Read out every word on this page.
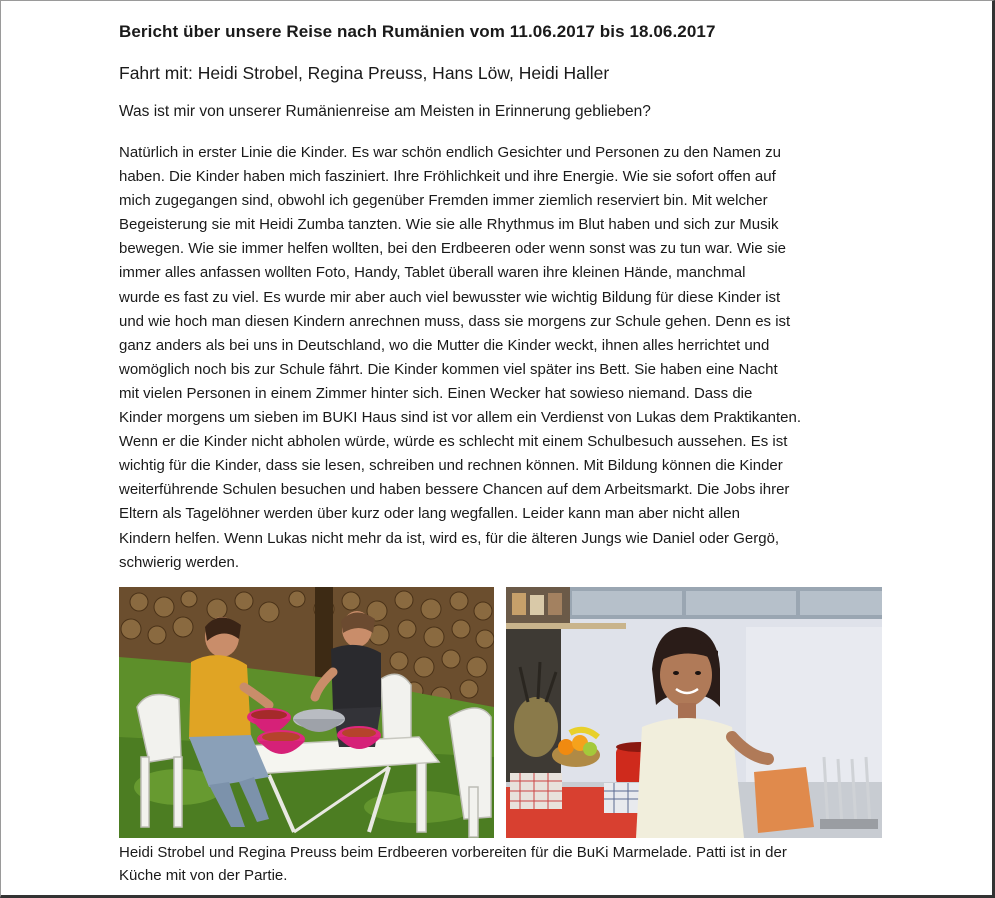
Bericht über unsere Reise nach Rumänien vom 11.06.2017 bis 18.06.2017
Fahrt mit: Heidi Strobel, Regina Preuss, Hans Löw, Heidi Haller
Was ist mir von unserer Rumänienreise am Meisten in Erinnerung geblieben?
Natürlich in erster Linie die Kinder. Es war schön endlich Gesichter und Personen zu den Namen zu
haben. Die Kinder haben mich fasziniert. Ihre Fröhlichkeit und ihre Energie. Wie sie sofort offen auf
mich zugegangen sind, obwohl ich gegenüber Fremden immer ziemlich reserviert bin. Mit welcher
Begeisterung sie mit Heidi Zumba tanzten. Wie sie alle Rhythmus im Blut haben und sich zur Musik
bewegen. Wie sie immer helfen wollten, bei den Erdbeeren oder wenn sonst was zu tun war. Wie sie
immer alles anfassen wollten Foto, Handy, Tablet überall waren ihre kleinen Hände, manchmal
wurde es fast zu viel. Es wurde mir aber auch viel bewusster wie wichtig Bildung für diese Kinder ist
und wie hoch man diesen Kindern anrechnen muss, dass sie morgens zur Schule gehen. Denn es ist
ganz anders als bei uns in Deutschland, wo die Mutter die Kinder weckt, ihnen alles herrichtet und
womöglich noch bis zur Schule fährt. Die Kinder kommen viel später ins Bett. Sie haben eine Nacht
mit vielen Personen in einem Zimmer hinter sich. Einen Wecker hat sowieso niemand. Dass die
Kinder morgens um sieben im BUKI Haus sind ist vor allem ein Verdienst von Lukas dem Praktikanten.
Wenn er die Kinder nicht abholen würde, würde es schlecht mit einem Schulbesuch aussehen. Es ist
wichtig für die Kinder, dass sie lesen, schreiben und rechnen können. Mit Bildung können die Kinder
weiterführende Schulen besuchen und haben bessere Chancen auf dem Arbeitsmarkt. Die Jobs ihrer
Eltern als Tagelöhner werden über kurz oder lang wegfallen. Leider kann man aber nicht allen
Kindern helfen. Wenn Lukas nicht mehr da ist, wird es, für die älteren Jungs wie Daniel oder Gergö,
schwierig werden.
Heidi Strobel und Regina Preuss beim Erdbeeren vorbereiten für die BuKi Marmelade. Patti ist in der
Küche mit von der Partie.
